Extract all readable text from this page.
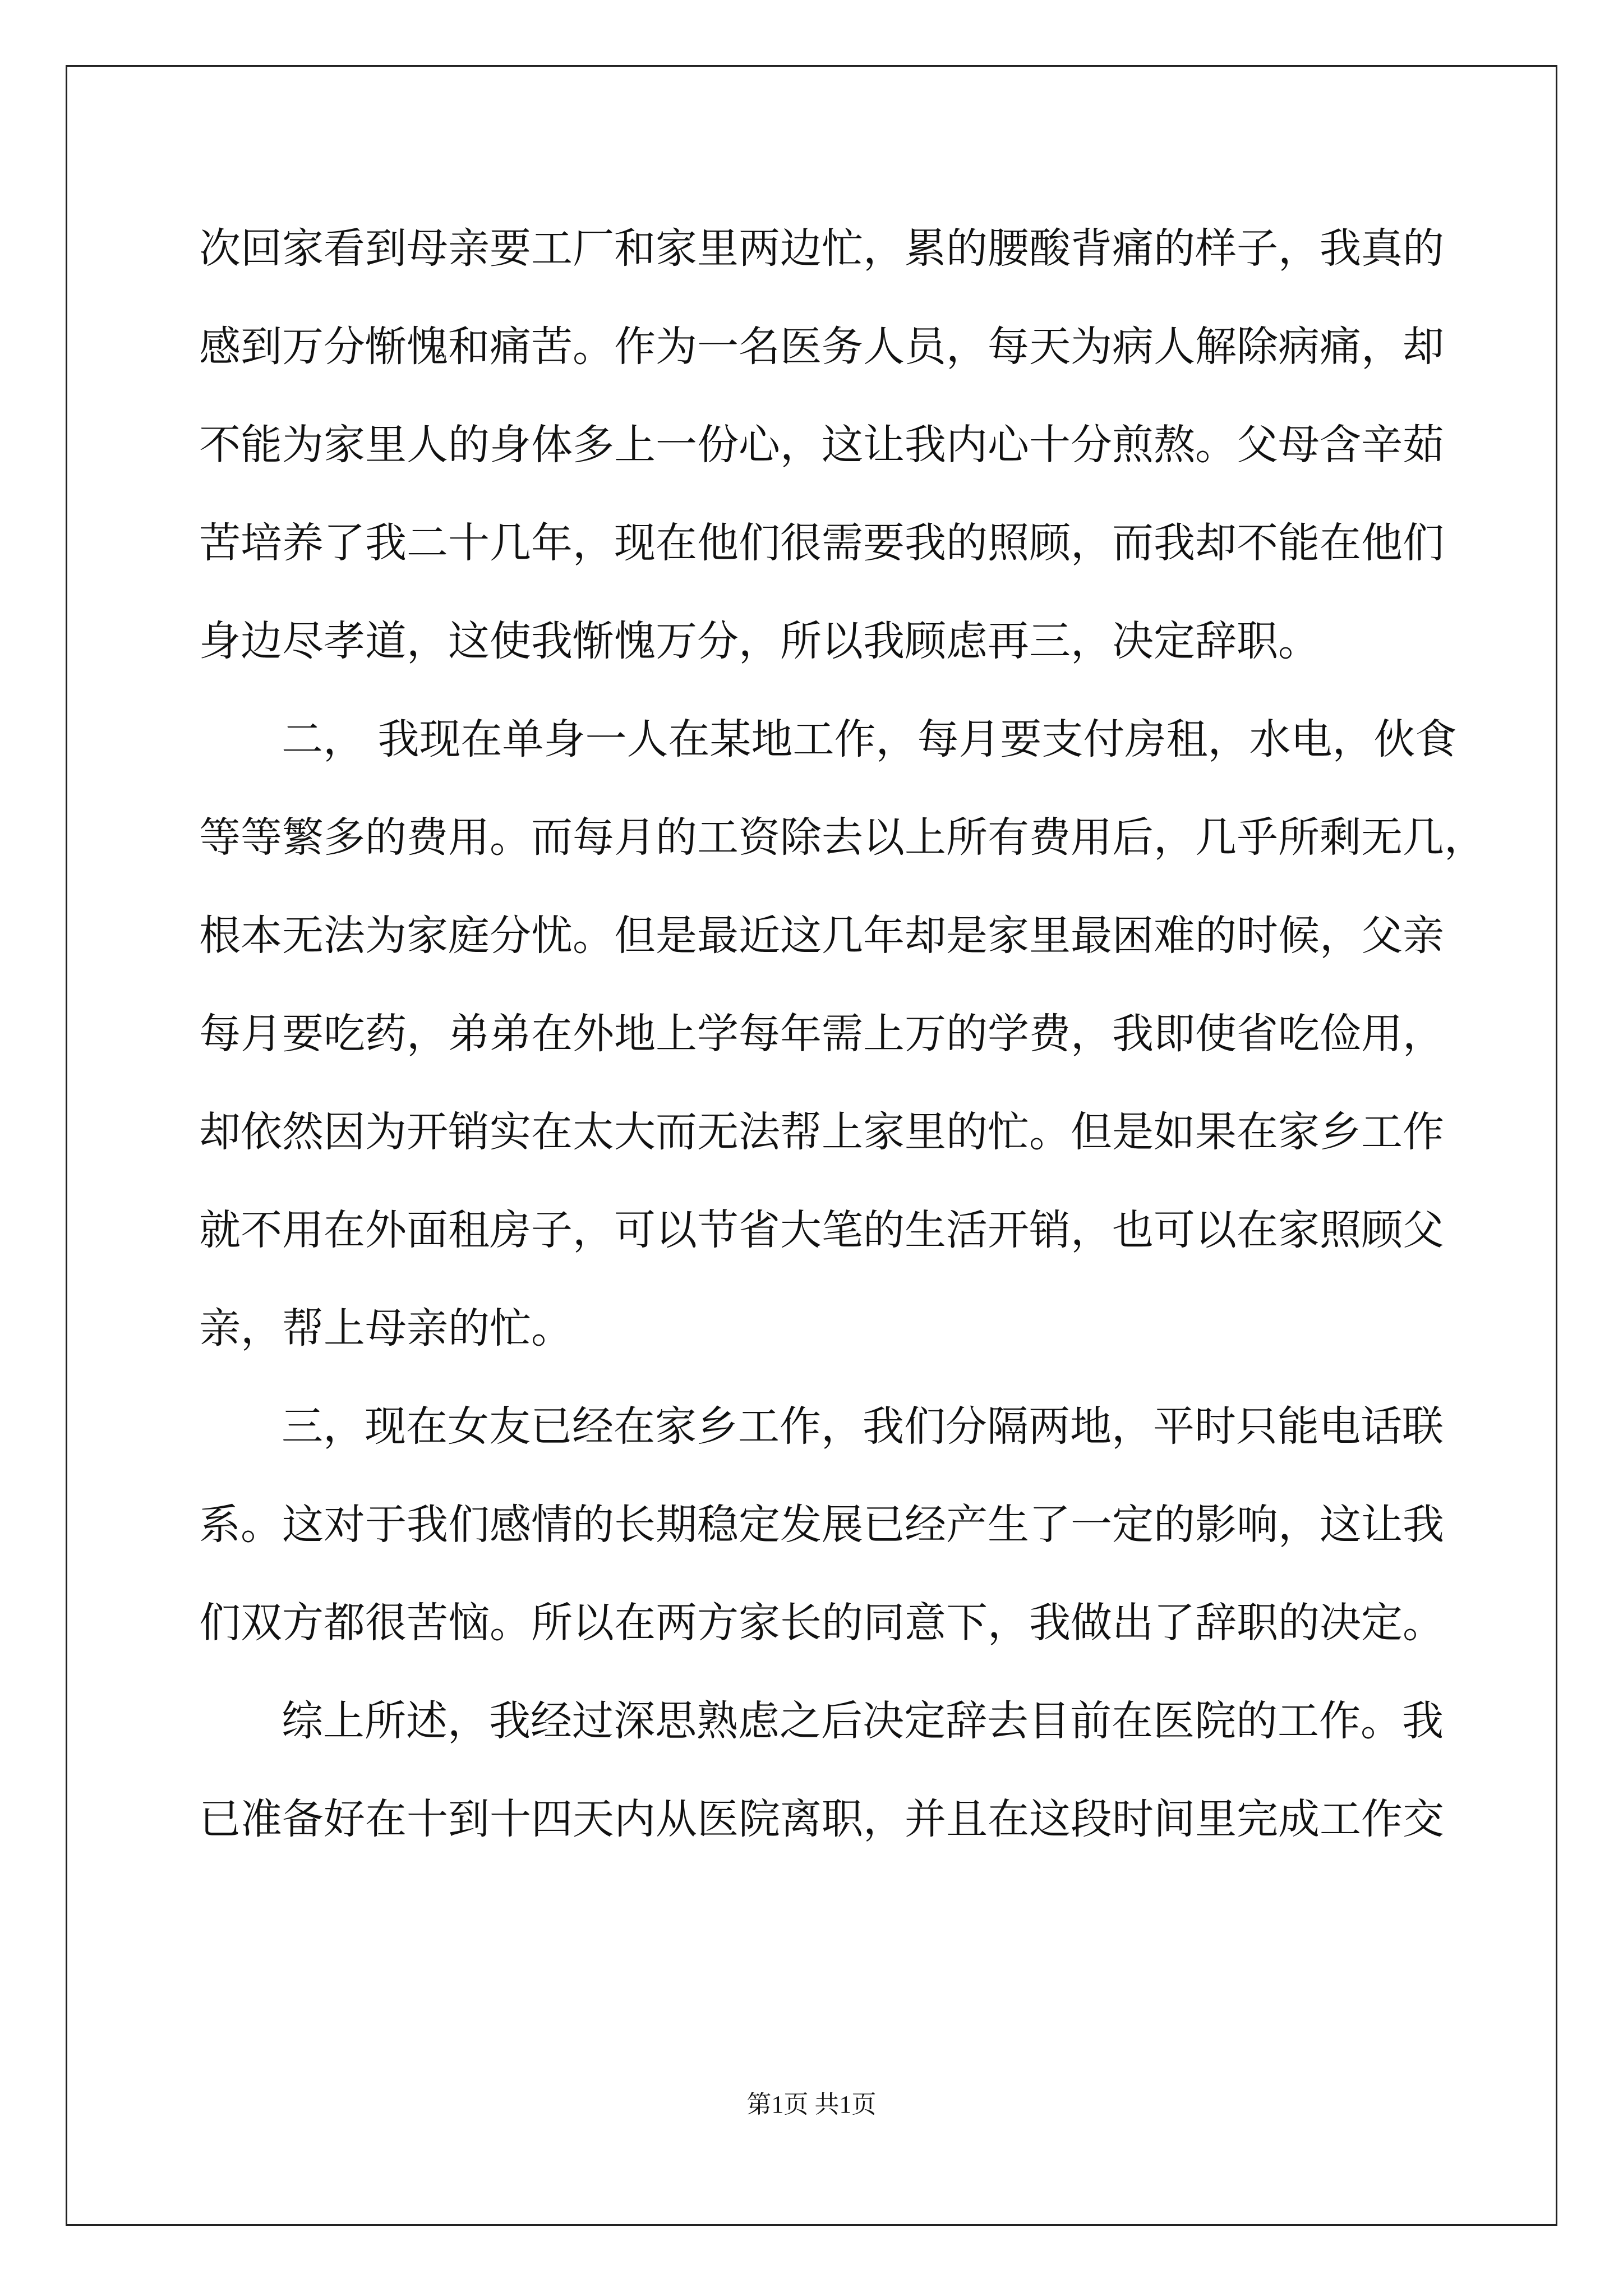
次回家看到母亲要工厂和家里两边忙，累的腰酸背痛的样子，我真的
感到万分惭愧和痛苦。作为一名医务人员，每天为病人解除病痛，却
不能为家里人的身体多上一份心，这让我内心十分煎熬。父母含辛茹
苦培养了我二十几年，现在他们很需要我的照顾，而我却不能在他们
身边尽孝道，这使我惭愧万分，所以我顾虑再三，决定辞职。
二， 我现在单身一人在某地工作，每月要支付房租，水电，伙食
等等繁多的费用。而每月的工资除去以上所有费用后，几乎所剩无几，
根本无法为家庭分忧。但是最近这几年却是家里最困难的时候，父亲
每月要吃药，弟弟在外地上学每年需上万的学费，我即使省吃俭用，
却依然因为开销实在太大而无法帮上家里的忙。但是如果在家乡工作
就不用在外面租房子，可以节省大笔的生活开销，也可以在家照顾父
亲，帮上母亲的忙。
三，现在女友已经在家乡工作，我们分隔两地，平时只能电话联
系。这对于我们感情的长期稳定发展已经产生了一定的影响，这让我
们双方都很苦恼。所以在两方家长的同意下，我做出了辞职的决定。
综上所述，我经过深思熟虑之后决定辞去目前在医院的工作。我
已准备好在十到十四天内从医院离职，并且在这段时间里完成工作交
第1页 共1页
